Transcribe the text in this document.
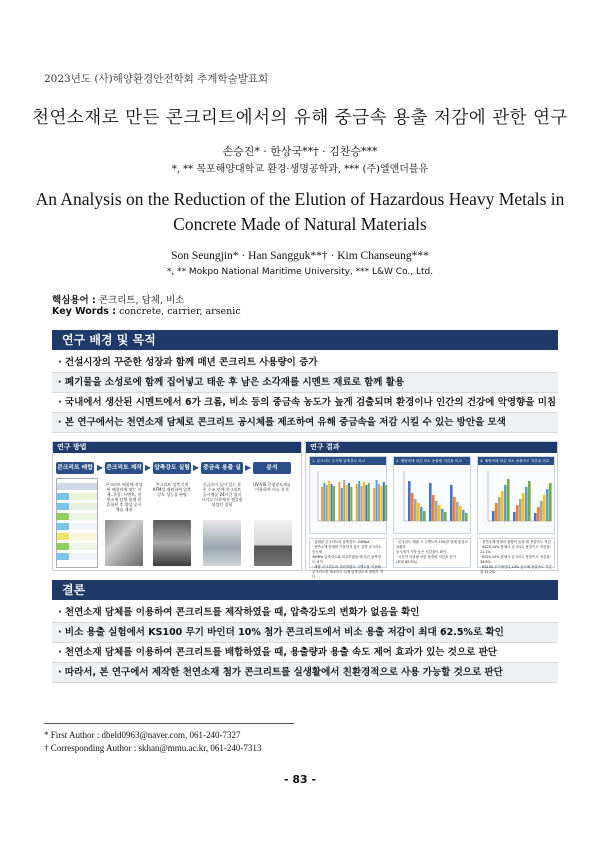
2023년도 (사)해양환경안전학회 추계학술발표회
천연소재로 만든 콘크리트에서의 유해 중금속 용출 저감에 관한 연구
손승진* · 한상국**† · 김찬승***
*, ** 목포해양대학교 환경·생명공학과, *** (주)엘앤더블유
An Analysis on the Reduction of the Elution of Hazardous Heavy Metals in
Concrete Made of Natural Materials
Son Seungjin* · Han Sangguk**† · Kim Chanseung***
*, ** Mokpo National Maritime University, *** L&W Co., Ltd.
핵심용어 : 콘크리트, 담체, 비소
Key Words : concrete, carrier, arsenic
연구 배경 및 목적
· 건설시장의 꾸준한 성장과 함께 매년 콘크리트 사용량이 증가
· 폐기물을 소성로에 함께 집어넣고 태운 후 남은 소각재를 시멘트 재료로 함께 활용
· 국내에서 생산된 시멘트에서 6가 크롬, 비소 등의 중금속 농도가 높게 검출되며 환경이나 인간의 건강에 악영향을 미침
· 본 연구에서는 천연소재 담체로 콘크리트 공시체를 제조하여 유해 중금속을 저감 시킬 수 있는 방안을 모색
연구 방법
콘크리트 배합표
▶ 콘크리트 제작
콘크리트 배합에 작성된 배합비에 맞는 자재, 혼합, 시멘트, 천연소재 담체 함께 잘 혼합된 후 양성 공시체를 제작
▶ 압축강도 실험
콘크리트 압축기계 KFM설 제원하여 압축강도 성능을 판명
▶ 중금속 용출 실험
중금속이 들어 있는 용존 수조 안에 콘크리트 공시체를 24시간 침지시키고 이후에서 샘플링 되었던 실험
▶	분석
UV-VIS 분광광도계를 이용하여 비소 분석
연구 결과
1. 콘크리트 공시체 압축강도 비교	2. 배합비에 따른 비소 용출량 저감율 비교	3. 배합비에 따른 비소 용출속도 저감율 비교
· 설계된 콘크리트의 압축강도: 24Mpa
· 천연소재 담체를 이용하지 않은 일반 콘크리트 공시체
30MPa 압축강도와 비교하였을 때 다른 압축강도 차이
· 배합 콘크리트의 강력결합도 시멘트를 이용해
콘크리트를 제조하고 실제 압축강도의 변화가 적다
· 콘크리트 배합 시 시멘트의 10%를 담체 원질료 치환한
공시체가 가장 높은 저감율이 확인
· 시간이 지날때 의한 용출량 저감율 증가
(최대 62.5%)
· 천연소재 담체의 함량이 높을 때 용출속도 저감
· KS20 10% 담체시 콘크리트 용출속도 저감율: 21.1%
· KS20 10% 담체시 콘크리트 용출속도 저감율: 34.8%
· KS100 무기바인더 10% 공시체 용출속도 저감율 31.2%
결론
· 천연소재 담체를 이용하여 콘크리트를 제작하였을 때, 압축강도의 변화가 없음을 확인
· 비소 용출 실험에서 KS100 무기 바인더 10% 첨가 콘크리트에서 비소 용출 저감이 최대 62.5%로 확인
· 천연소재 담체를 이용하여 콘크리트를 배합하였을 때, 용출량과 용출 속도 제어 효과가 있는 것으로 판단
· 따라서, 본 연구에서 제작한 천연소재 첨가 콘크리트를 실생활에서 친환경적으로 사용 가능할 것으로 판단
* First Author : dbeld0963@naver.com, 061-240-7327
† Corresponding Author : skhan@mmu.ac.kr, 061-240-7313
- 83 -
